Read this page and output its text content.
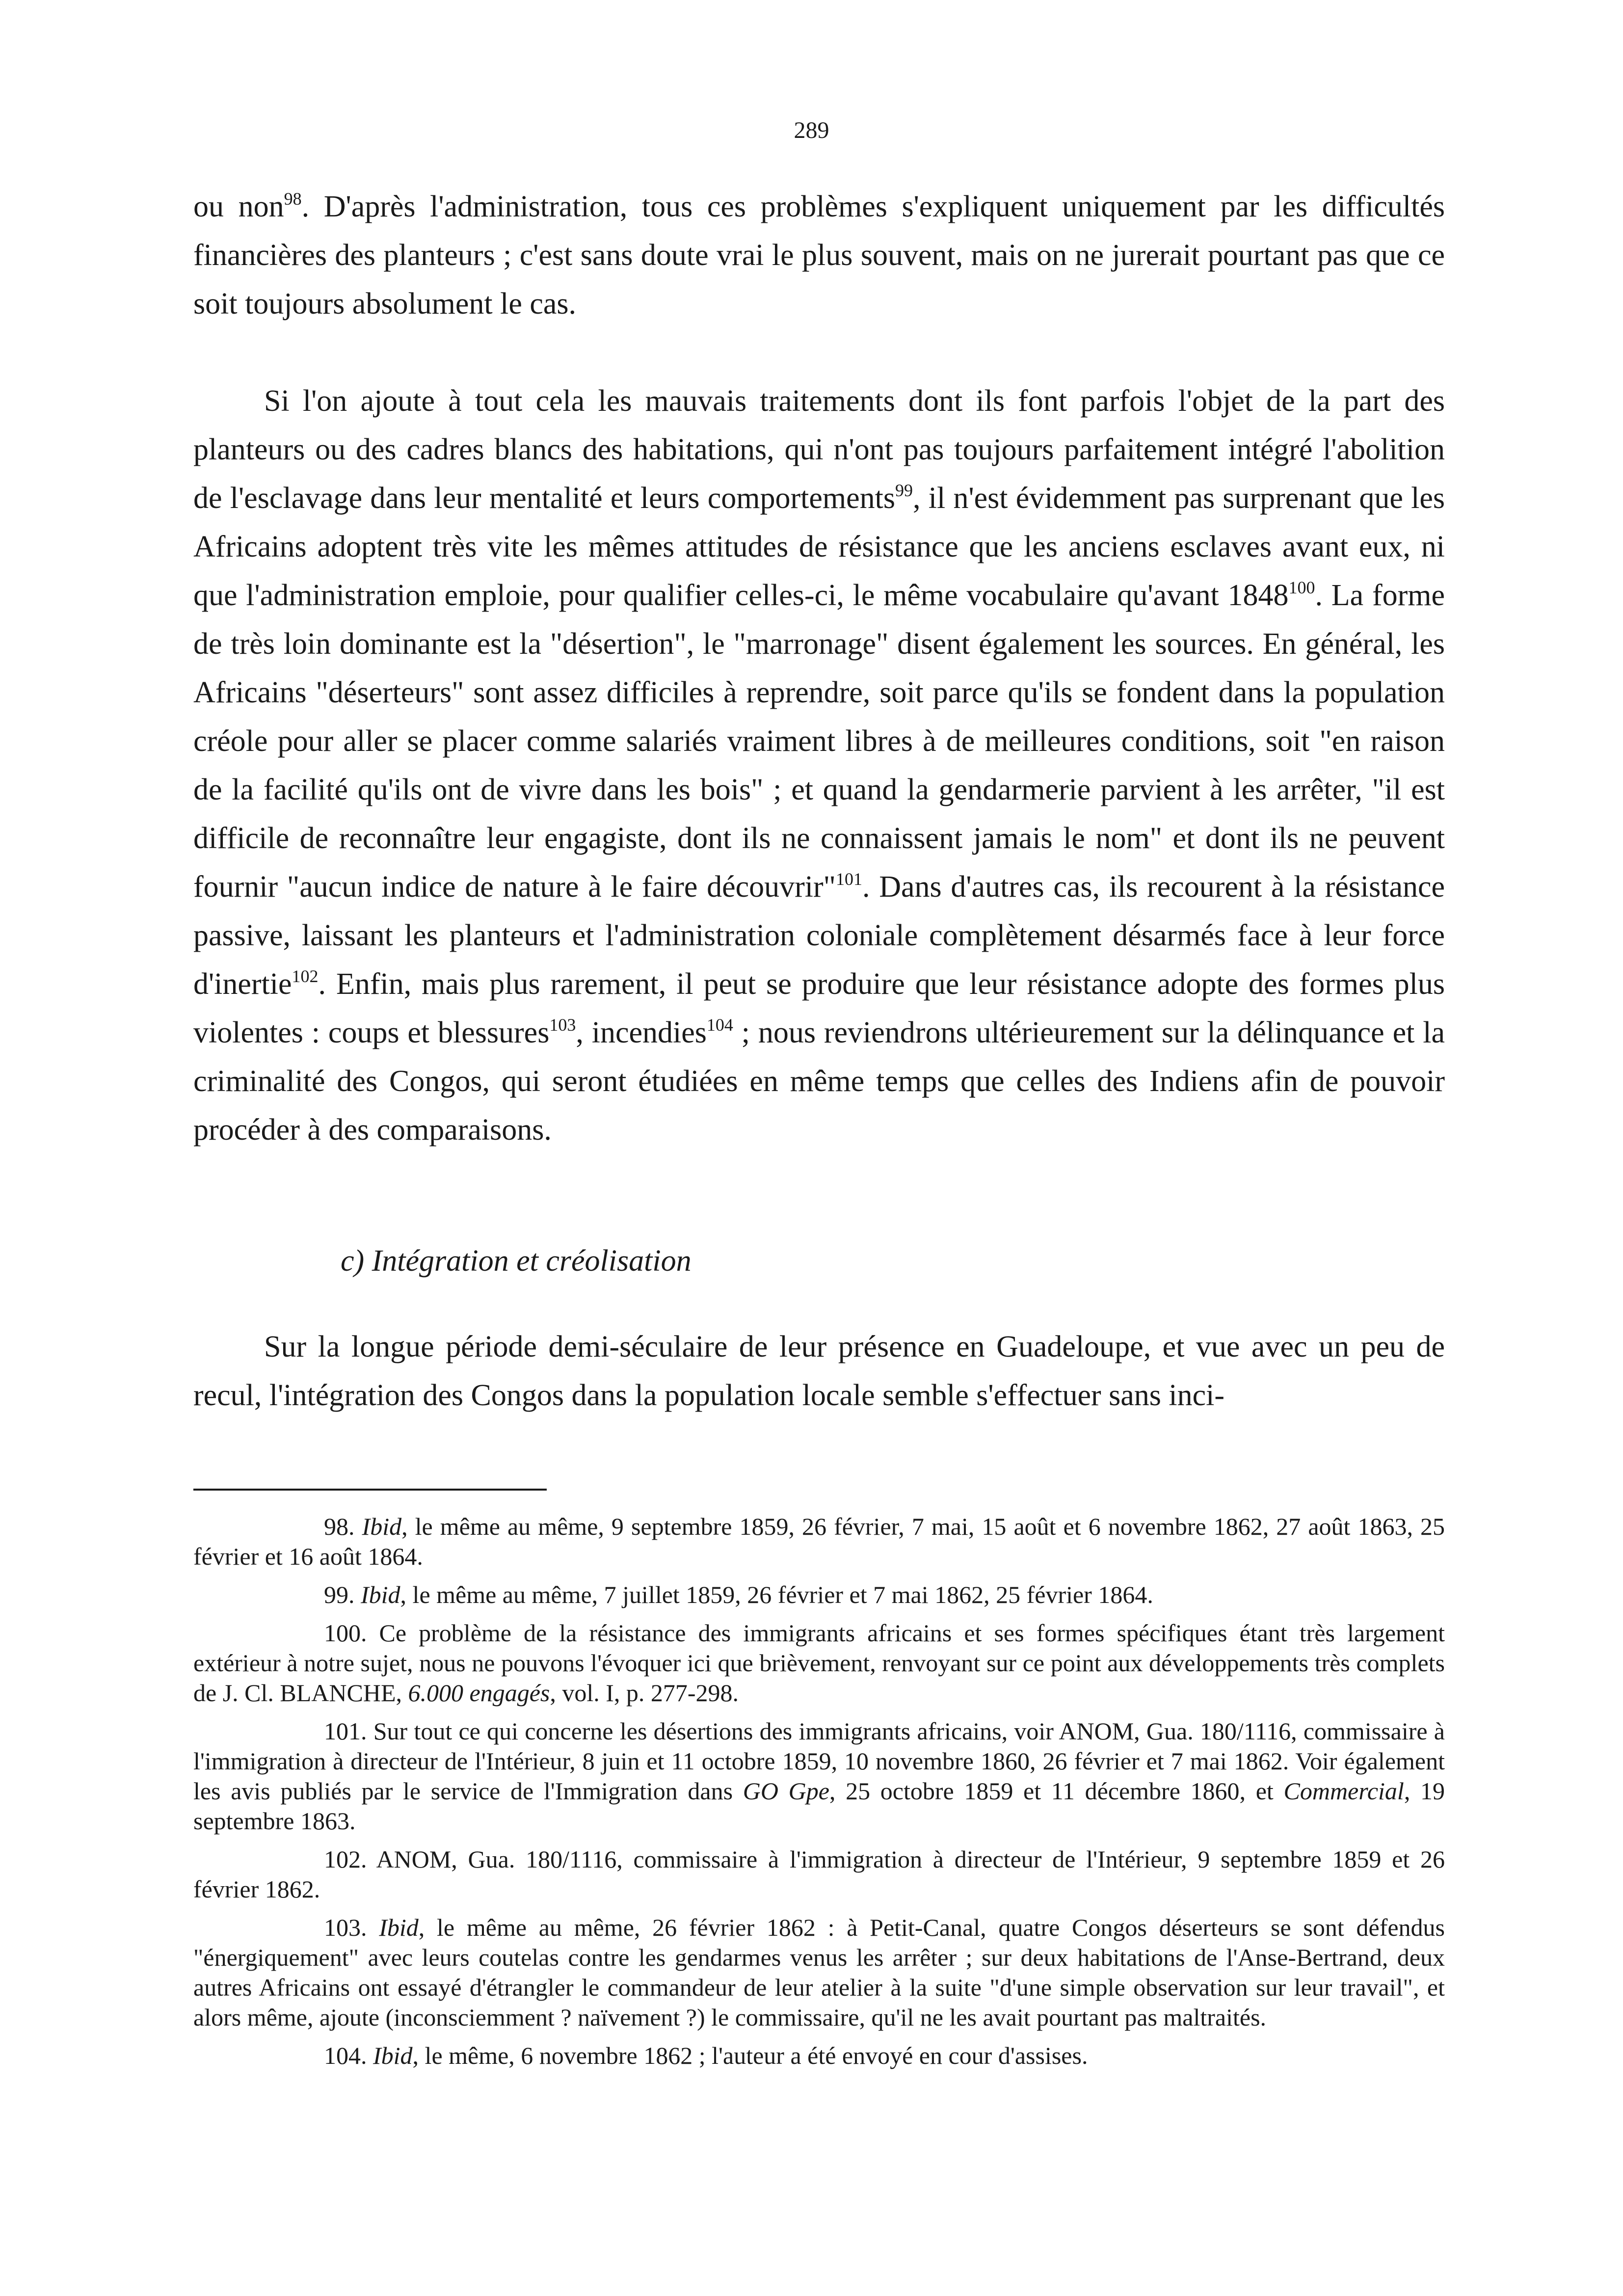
289

ou non$^{98}$. D'après l'administration, tous ces problèmes s'expliquent uniquement par les difficultés financières des planteurs ; c'est sans doute vrai le plus souvent, mais on ne jurerait pourtant pas que ce soit toujours absolument le cas.

Si l'on ajoute à tout cela les mauvais traitements dont ils font parfois l'objet de la part des planteurs ou des cadres blancs des habitations, qui n'ont pas toujours parfaitement intégré l'abolition de l'esclavage dans leur mentalité et leurs comportements$^{99}$, il n'est évidemment pas surprenant que les Africains adoptent très vite les mêmes attitudes de résistance que les anciens esclaves avant eux, ni que l'administration emploie, pour qualifier celles-ci, le même vocabulaire qu'avant 1848$^{100}$. La forme de très loin dominante est la "désertion", le "marronage" disent également les sources. En général, les Africains "déserteurs" sont assez difficiles à reprendre, soit parce qu'ils se fondent dans la population créole pour aller se placer comme salariés vraiment libres à de meilleures conditions, soit "en raison de la facilité qu'ils ont de vivre dans les bois" ; et quand la gendarmerie parvient à les arrêter, "il est difficile de reconnaître leur engagiste, dont ils ne connaissent jamais le nom" et dont ils ne peuvent fournir "aucun indice de nature à le faire découvrir"$^{101}$. Dans d'autres cas, ils recourent à la résistance passive, laissant les planteurs et l'administration coloniale complètement désarmés face à leur force d'inertie$^{102}$. Enfin, mais plus rarement, il peut se produire que leur résistance adopte des formes plus violentes : coups et blessures$^{103}$, incendies$^{104}$ ; nous reviendrons ultérieurement sur la délinquance et la criminalité des Congos, qui seront étudiées en même temps que celles des Indiens afin de pouvoir procéder à des comparaisons.

c) Intégration et créolisation

Sur la longue période demi-séculaire de leur présence en Guadeloupe, et vue avec un peu de recul, l'intégration des Congos dans la population locale semble s'effectuer sans inci-

98. Ibid, le même au même, 9 septembre 1859, 26 février, 7 mai, 15 août et 6 novembre 1862, 27 août 1863, 25 février et 16 août 1864.

99. Ibid, le même au même, 7 juillet 1859, 26 février et 7 mai 1862, 25 février 1864.

100. Ce problème de la résistance des immigrants africains et ses formes spécifiques étant très largement extérieur à notre sujet, nous ne pouvons l'évoquer ici que brièvement, renvoyant sur ce point aux développements très complets de J. Cl. BLANCHE, 6.000 engagés, vol. I, p. 277-298.

101. Sur tout ce qui concerne les désertions des immigrants africains, voir ANOM, Gua. 180/1116, commissaire à l'immigration à directeur de l'Intérieur, 8 juin et 11 octobre 1859, 10 novembre 1860, 26 février et 7 mai 1862. Voir également les avis publiés par le service de l'Immigration dans GO Gpe, 25 octobre 1859 et 11 décembre 1860, et Commercial, 19 septembre 1863.

102. ANOM, Gua. 180/1116, commissaire à l'immigration à directeur de l'Intérieur, 9 septembre 1859 et 26 février 1862.

103. Ibid, le même au même, 26 février 1862 : à Petit-Canal, quatre Congos déserteurs se sont défendus "énergiquement" avec leurs coutelas contre les gendarmes venus les arrêter ; sur deux habitations de l'Anse-Bertrand, deux autres Africains ont essayé d'étrangler le commandeur de leur atelier à la suite "d'une simple observation sur leur travail", et alors même, ajoute (inconsciemment ? naïvement ?) le commissaire, qu'il ne les avait pourtant pas maltraités.

104. Ibid, le même, 6 novembre 1862 ; l'auteur a été envoyé en cour d'assises.
